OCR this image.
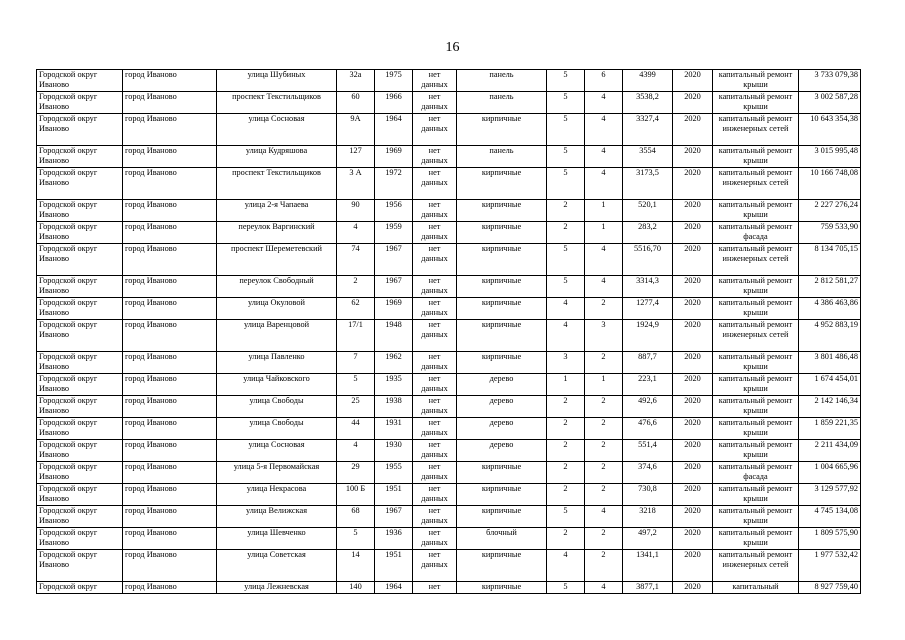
16
Городской округ Иваново	город Иваново	улица Шубиных	32а	1975	нет данных	панель	5	6	4399	2020	капитальный ремонт крыши	3 733 079,38
Городской округ Иваново	город Иваново	проспект Текстильщиков	60	1966	нет данных	панель	5	4	3538,2	2020	капитальный ремонт крыши	3 002 587,28
Городской округ Иваново	город Иваново	улица Сосновая	9А	1964	нет данных	кирпичные	5	4	3327,4	2020	капитальный ремонт инженерных сетей	10 643 354,38
Городской округ Иваново	город Иваново	улица Кудряшова	127	1969	нет данных	панель	5	4	3554	2020	капитальный ремонт крыши	3 015 995,48
Городской округ Иваново	город Иваново	проспект Текстильщиков	3 А	1972	нет данных	кирпичные	5	4	3173,5	2020	капитальный ремонт инженерных сетей	10 166 748,08
Городской округ Иваново	город Иваново	улица 2-я Чапаева	90	1956	нет данных	кирпичные	2	1	520,1	2020	капитальный ремонт крыши	2 227 276,24
Городской округ Иваново	город Иваново	переулок Варгинский	4	1959	нет данных	кирпичные	2	1	283,2	2020	капитальный ремонт фасада	759 533,90
Городской округ Иваново	город Иваново	проспект Шереметевский	74	1967	нет данных	кирпичные	5	4	5516,70	2020	капитальный ремонт инженерных сетей	8 134 705,15
Городской округ Иваново	город Иваново	переулок Свободный	2	1967	нет данных	кирпичные	5	4	3314,3	2020	капитальный ремонт крыши	2 812 581,27
Городской округ Иваново	город Иваново	улица Окуловой	62	1969	нет данных	кирпичные	4	2	1277,4	2020	капитальный ремонт крыши	4 386 463,86
Городской округ Иваново	город Иваново	улица Варенцовой	17/1	1948	нет данных	кирпичные	4	3	1924,9	2020	капитальный ремонт инженерных сетей	4 952 883,19
Городской округ Иваново	город Иваново	улица Павленко	7	1962	нет данных	кирпичные	3	2	887,7	2020	капитальный ремонт крыши	3 801 486,48
Городской округ Иваново	город Иваново	улица Чайковского	5	1935	нет данных	дерево	1	1	223,1	2020	капитальный ремонт крыши	1 674 454,01
Городской округ Иваново	город Иваново	улица Свободы	25	1938	нет данных	дерево	2	2	492,6	2020	капитальный ремонт крыши	2 142 146,34
Городской округ Иваново	город Иваново	улица Свободы	44	1931	нет данных	дерево	2	2	476,6	2020	капитальный ремонт крыши	1 859 221,35
Городской округ Иваново	город Иваново	улица Сосновая	4	1930	нет данных	дерево	2	2	551,4	2020	капитальный ремонт крыши	2 211 434,09
Городской округ Иваново	город Иваново	улица 5-я Первомайская	29	1955	нет данных	кирпичные	2	2	374,6	2020	капитальный ремонт фасада	1 004 665,96
Городской округ Иваново	город Иваново	улица Некрасова	100 Б	1951	нет данных	кирпичные	2	2	730,8	2020	капитальный ремонт крыши	3 129 577,92
Городской округ Иваново	город Иваново	улица Велижская	68	1967	нет данных	кирпичные	5	4	3218	2020	капитальный ремонт крыши	4 745 134,08
Городской округ Иваново	город Иваново	улица Шевченко	5	1936	нет данных	блочный	2	2	497,2	2020	капитальный ремонт крыши	1 809 575,90
Городской округ Иваново	город Иваново	улица Советская	14	1951	нет данных	кирпичные	4	2	1341,1	2020	капитальный ремонт инженерных сетей	1 977 532,42
Городской округ	город Иваново	улица Лежневская	140	1964	нет	кирпичные	5	4	3877,1	2020	капитальный	8 927 759,40
